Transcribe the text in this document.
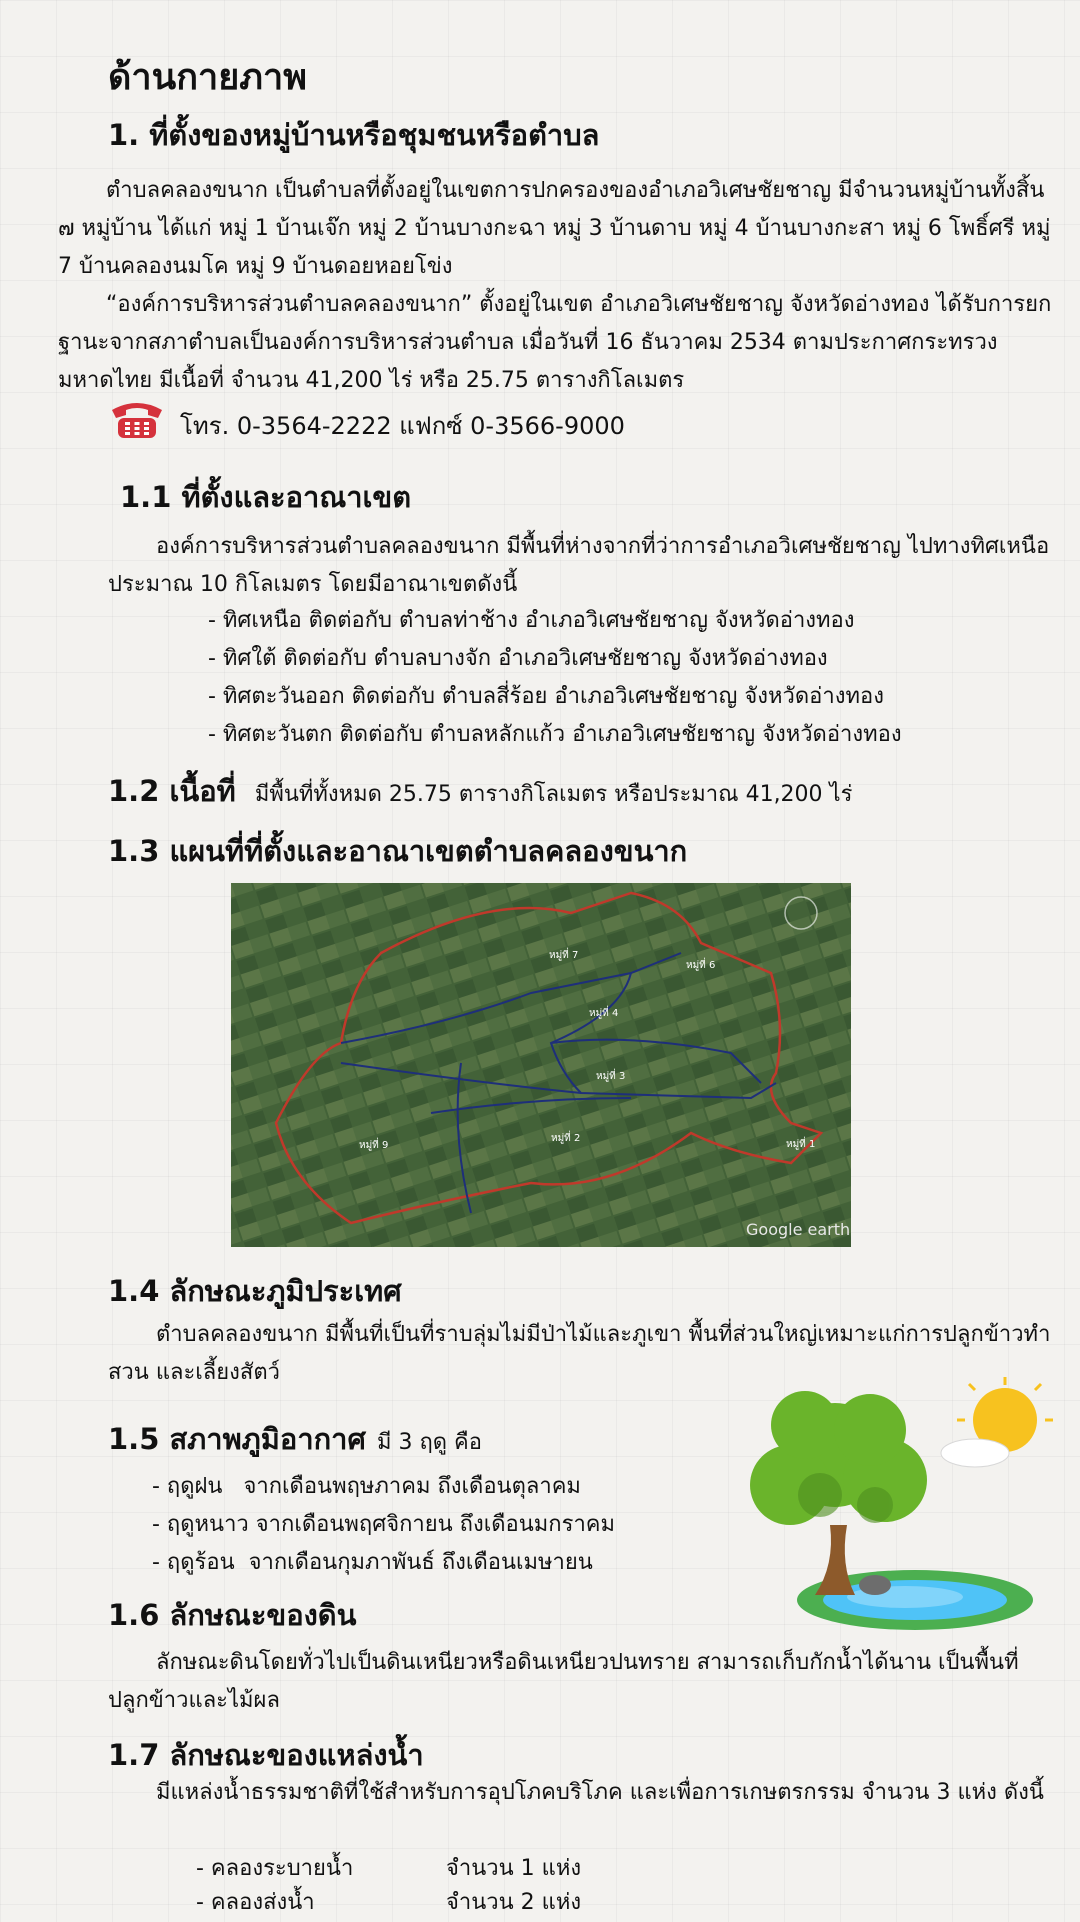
ด้านกายภาพ
1. ที่ตั้งของหมู่บ้านหรือชุมชนหรือตำบล
ตำบลคลองขนาก เป็นตำบลที่ตั้งอยู่ในเขตการปกครองของอำเภอวิเศษชัยชาญ มีจำนวนหมู่บ้านทั้งสิ้น ๗ หมู่บ้าน ได้แก่ หมู่ 1 บ้านเจ๊ก หมู่ 2 บ้านบางกะฉา หมู่ 3 บ้านดาบ หมู่ 4 บ้านบางกะสา หมู่ 6 โพธิ์ศรี หมู่ 7 บ้านคลองนมโค หมู่ 9 บ้านดอยหอยโข่ง
“องค์การบริหารส่วนตำบลคลองขนาก” ตั้งอยู่ในเขต อำเภอวิเศษชัยชาญ จังหวัดอ่างทอง ได้รับการยกฐานะจากสภาตำบลเป็นองค์การบริหารส่วนตำบล เมื่อวันที่ 16 ธันวาคม 2534 ตามประกาศกระทรวงมหาดไทย มีเนื้อที่ จำนวน 41,200 ไร่ หรือ 25.75 ตารางกิโลเมตร
โทร. 0-3564-2222 แฟกซ์ 0-3566-9000
1.1 ที่ตั้งและอาณาเขต
องค์การบริหารส่วนตำบลคลองขนาก มีพื้นที่ห่างจากที่ว่าการอำเภอวิเศษชัยชาญ ไปทางทิศเหนือ ประมาณ 10 กิโลเมตร โดยมีอาณาเขตดังนี้
- ทิศเหนือ ติดต่อกับ ตำบลท่าช้าง อำเภอวิเศษชัยชาญ จังหวัดอ่างทอง
- ทิศใต้ ติดต่อกับ ตำบลบางจัก อำเภอวิเศษชัยชาญ จังหวัดอ่างทอง
- ทิศตะวันออก ติดต่อกับ ตำบลสี่ร้อย อำเภอวิเศษชัยชาญ จังหวัดอ่างทอง
- ทิศตะวันตก ติดต่อกับ ตำบลหลักแก้ว อำเภอวิเศษชัยชาญ จังหวัดอ่างทอง
1.2 เนื้อที่ มีพื้นที่ทั้งหมด 25.75 ตารางกิโลเมตร หรือประมาณ 41,200 ไร่
1.3 แผนที่ที่ตั้งและอาณาเขตตำบลคลองขนาก
หมู่ที่ 7
หมู่ที่ 6
หมู่ที่ 4
หมู่ที่ 3
หมู่ที่ 9
หมู่ที่ 2
หมู่ที่ 1
Google earth
1.4 ลักษณะภูมิประเทศ
ตำบลคลองขนาก มีพื้นที่เป็นที่ราบลุ่มไม่มีป่าไม้และภูเขา พื้นที่ส่วนใหญ่เหมาะแก่การปลูกข้าวทำสวน และเลี้ยงสัตว์
1.5 สภาพภูมิอากาศ มี 3 ฤดู คือ
- ฤดูฝน   จากเดือนพฤษภาคม ถึงเดือนตุลาคม
- ฤดูหนาว จากเดือนพฤศจิกายน ถึงเดือนมกราคม
- ฤดูร้อน  จากเดือนกุมภาพันธ์ ถึงเดือนเมษายน
1.6 ลักษณะของดิน
ลักษณะดินโดยทั่วไปเป็นดินเหนียวหรือดินเหนียวปนทราย สามารถเก็บกักน้ำได้นาน เป็นพื้นที่ปลูกข้าวและไม้ผล
1.7 ลักษณะของแหล่งน้ำ
มีแหล่งน้ำธรรมชาติที่ใช้สำหรับการอุปโภคบริโภค และเพื่อการเกษตรกรรม จำนวน 3 แห่ง ดังนี้
- คลองระบายน้ำ	จำนวน 1 แห่ง
- คลองส่งน้ำ	จำนวน 2 แห่ง
